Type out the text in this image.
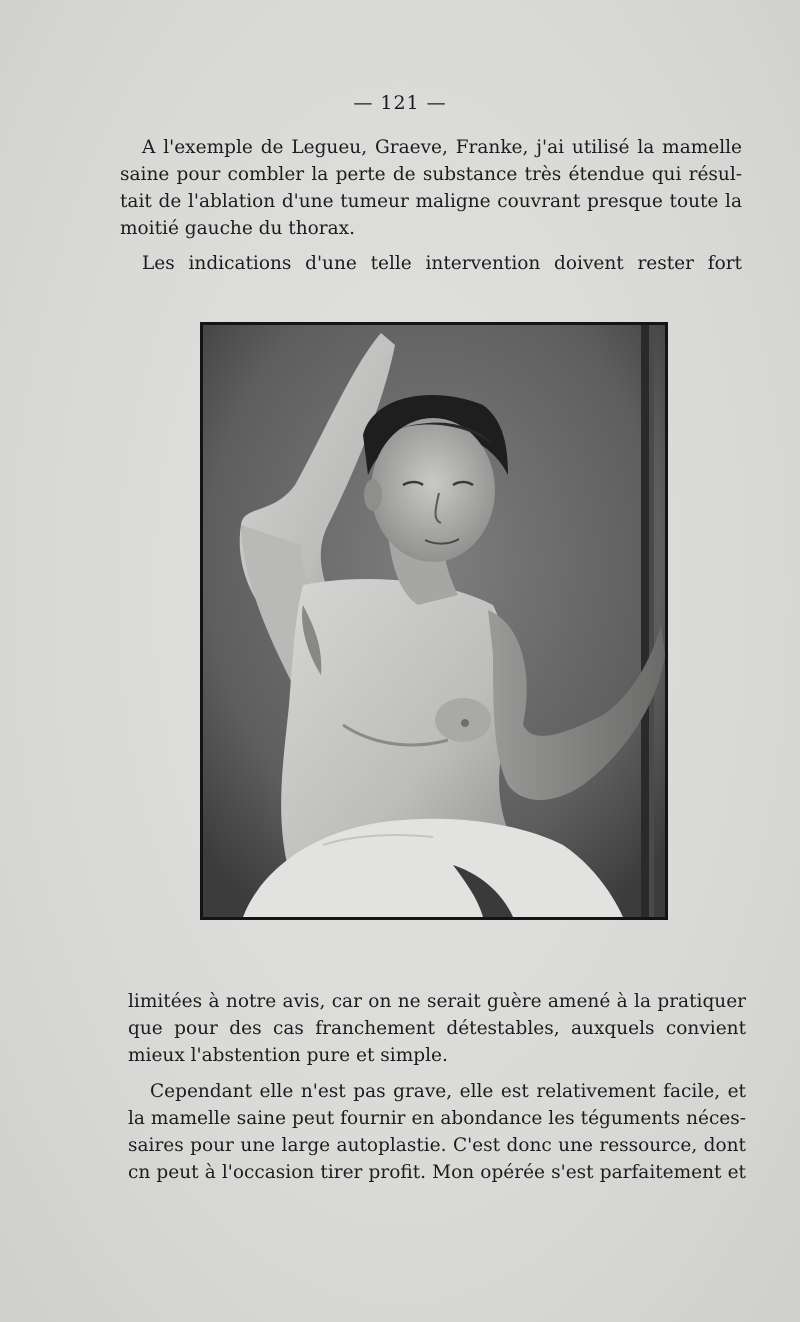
— 121 —

A l'exemple de Legueu, Graeve, Franke, j'ai utilisé la mamelle
saine pour combler la perte de substance très étendue qui résul-
tait de l'ablation d'une tumeur maligne couvrant presque toute la
moitié gauche du thorax.

Les indications d'une telle intervention doivent rester fort

limitées à notre avis, car on ne serait guère amené à la pratiquer
que pour des cas franchement détestables, auxquels convient
mieux l'abstention pure et simple.

Cependant elle n'est pas grave, elle est relativement facile, et
la mamelle saine peut fournir en abondance les téguments néces-
saires pour une large autoplastie. C'est donc une ressource, dont
cn peut à l'occasion tirer profit. Mon opérée s'est parfaitement et
